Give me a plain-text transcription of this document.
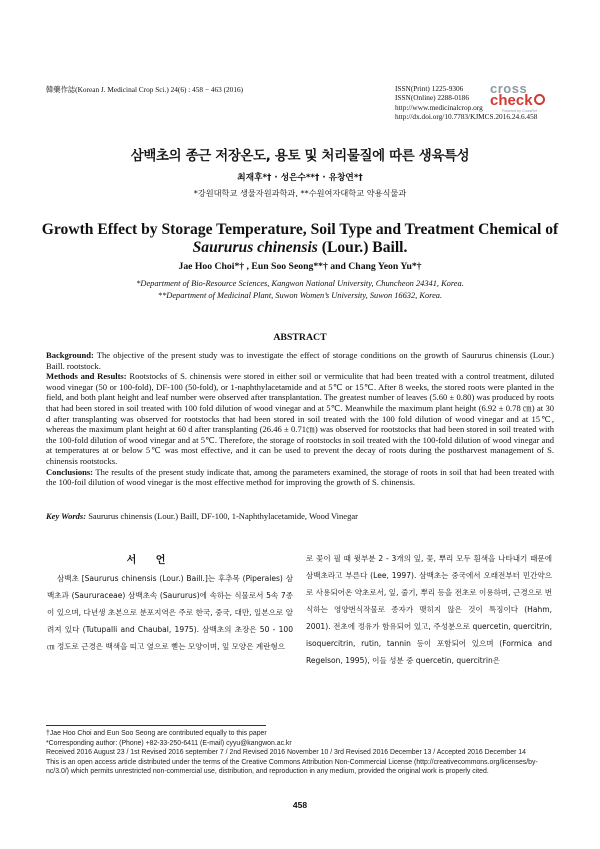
韓藥作誌(Korean J. Medicinal Crop Sci.) 24(6) : 458 − 463 (2016)	ISSN(Print) 1225-9306
ISSN(Online) 2288-0186
http://www.medicinalcrop.org
http://dx.doi.org/10.7783/KJMCS.2016.24.6.458
cross
check
Powered by CrossRef
삼백초의 종근 저장온도, 용토 및 처리물질에 따른 생육특성
최재후*† · 성은수**† · 유창연*†
*강원대학교 생물자원과학과, **수원여자대학교 약용식물과
Growth Effect by Storage Temperature, Soil Type and Treatment Chemical of
Saururus chinensis (Lour.) Baill.
Jae Hoo Choi*† , Eun Soo Seong**† and Chang Yeon Yu*†
*Department of Bio-Resource Sciences, Kangwon National University, Chuncheon 24341, Korea.
**Department of Medicinal Plant, Suwon Women’s University, Suwon 16632, Korea.
ABSTRACT

Background: The objective of the present study was to investigate the effect of storage conditions on the growth of Saururus chinensis (Lour.) Baill. rootstock.

Methods and Results: Rootstocks of S. chinensis were stored in either soil or vermiculite that had been treated with a control treatment, diluted wood vinegar (50 or 100-fold), DF-100 (50-fold), or 1-naphthylacetamide and at 5℃ or 15℃. After 8 weeks, the stored roots were planted in the field, and both plant height and leaf number were observed after transplantation. The greatest number of leaves (5.60 ± 0.80) was produced by roots that had been stored in soil treated with 100 fold dilution of wood vinegar and at 5℃. Meanwhile the maximum plant height (6.92 ± 0.78 ㎝) at 30 d after transplanting was observed for rootstocks that had been stored in soil treated with the 100 fold dilution of wood vinegar and at 15℃, whereas the maximum plant height at 60 d after transplanting (26.46 ± 0.71㎝) was observed for rootstocks that had been stored in soil treated with the 100-fold dilution of wood vinegar and at 5℃. Therefore, the storage of rootstocks in soil treated with the 100-fold dilution of wood vinegar and at temperatures at or below 5℃ was most effective, and it can be used to prevent the decay of roots during the postharvest management of S. chinensis rootstocks.

Conclusions: The results of the present study indicate that, among the parameters examined, the storage of roots in soil that had been treated with the 100-foil dilution of wood vinegar is the most effective method for improving the growth of S. chinensis.

Key Words: Saururus chinensis (Lour.) Baill, DF-100, 1-Naphthylacetamide, Wood Vinegar
서 언

삼백초 [Saururus chinensis (Lour.) Baill.]는 후추목 (Piperales) 삼백초과 (Saururaceae) 삼백초속 (Saururus)에 속하는 식물로서 5속 7종이 있으며, 다년생 초본으로 분포지역은 주로 한국, 중국, 대만, 일본으로 알려져 있다 (Tutupalli and Chaubal, 1975). 삼백초의 초장은 50 - 100 ㎝ 정도로 근경은 백색을 띠고 옆으로 뻗는 모양이며, 잎 모양은 계란형으

로 꽃이 필 때 윗부분 2 - 3개의 잎, 꽃, 뿌리 모두 흰색을 나타내기 때문에 삼백초라고 부른다 (Lee, 1997). 삼백초는 중국에서 오래전부터 민간약으로 사용되어온 약초로서, 잎, 줄기, 뿌리 등을 전초로 이용하며, 근경으로 번식하는 영양번식작물로 종자가 맺히지 않은 것이 특징이다 (Hahm, 2001). 전초에 정유가 함유되어 있고, 주성분으로 quercetin, quercitrin, isoquercitrin, rutin, tannin 등이 포함되어 있으며 (Formica and Regelson, 1995), 이들 성분 중 quercetin, quercitrin은

†Jae Hoo Choi and Eun Soo Seong are contributed equally to this paper
*Corresponding author: (Phone) +82-33-250-6411 (E-mail) cyyu@kangwon.ac.kr
Received 2016 August 23 / 1st Revised 2016 september 7 / 2nd Revised 2016 November 10 / 3rd Revised 2016 December 13 / Accepted 2016 December 14
This is an open access article distributed under the terms of the Creative Commons Attribution Non-Commercial License (http://creativecommons.org/licenses/by-nc/3.0/) which permits unrestricted non-commercial use, distribution, and reproduction in any medium, provided the original work is properly cited.
458
